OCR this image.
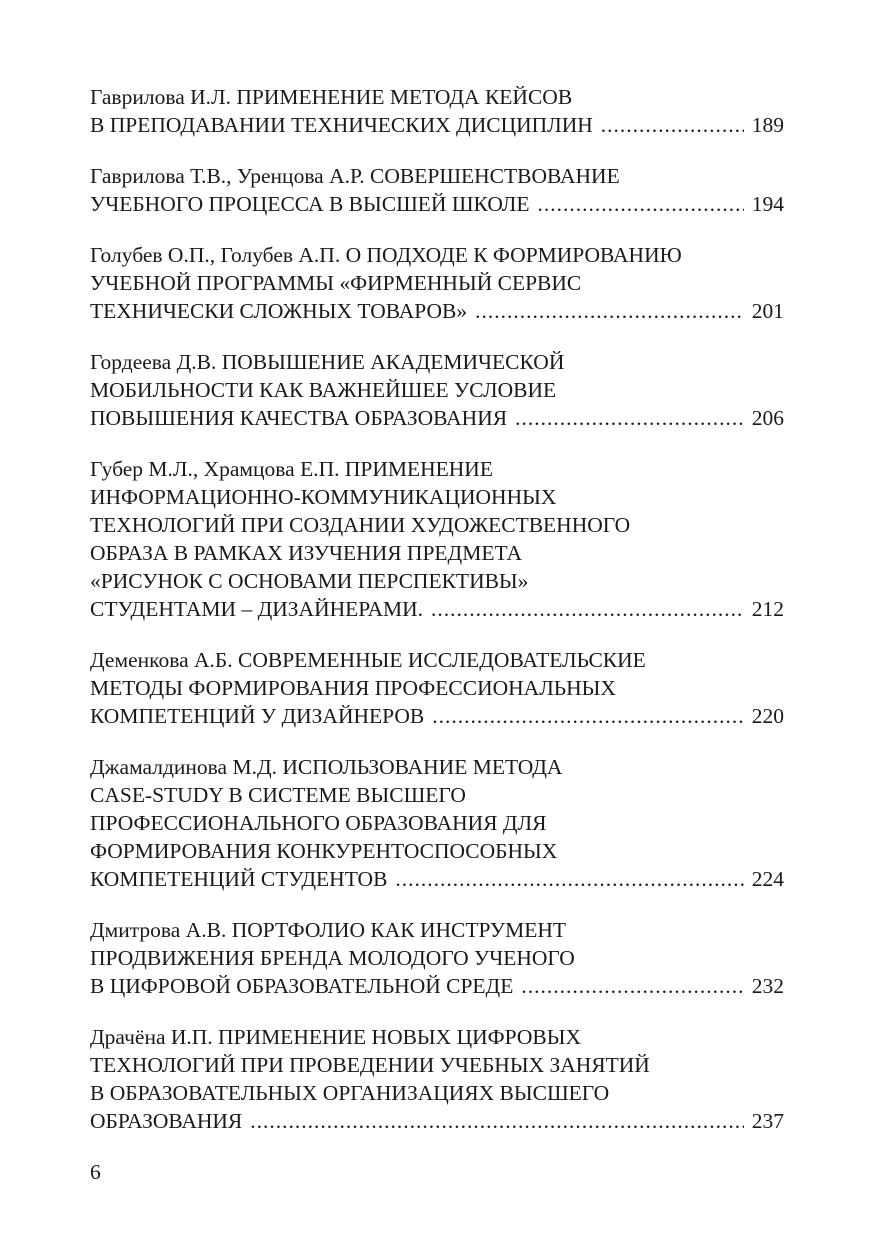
Гаврилова И.Л. ПРИМЕНЕНИЕ МЕТОДА КЕЙСОВ
В ПРЕПОДАВАНИИ ТЕХНИЧЕСКИХ ДИСЦИПЛИН .....	189
Гаврилова Т.В., Уренцова А.Р. СОВЕРШЕНСТВОВАНИЕ
УЧЕБНОГО ПРОЦЕССА В ВЫСШЕЙ ШКОЛЕ .....	194
Голубев О.П., Голубев А.П. О ПОДХОДЕ К ФОРМИРОВАНИЮ
УЧЕБНОЙ ПРОГРАММЫ «ФИРМЕННЫЙ СЕРВИС
ТЕХНИЧЕСКИ СЛОЖНЫХ ТОВАРОВ» .....	201
Гордеева Д.В. ПОВЫШЕНИЕ АКАДЕМИЧЕСКОЙ
МОБИЛЬНОСТИ КАК ВАЖНЕЙШЕЕ УСЛОВИЕ
ПОВЫШЕНИЯ КАЧЕСТВА ОБРАЗОВАНИЯ .....	206
Губер М.Л., Храмцова Е.П. ПРИМЕНЕНИЕ
ИНФОРМАЦИОННО-КОММУНИКАЦИОННЫХ
ТЕХНОЛОГИЙ ПРИ СОЗДАНИИ ХУДОЖЕСТВЕННОГО
ОБРАЗА В РАМКАХ ИЗУЧЕНИЯ ПРЕДМЕТА
«РИСУНОК С ОСНОВАМИ ПЕРСПЕКТИВЫ»
СТУДЕНТАМИ – ДИЗАЙНЕРАМИ. .....	212
Деменкова А.Б. СОВРЕМЕННЫЕ ИССЛЕДОВАТЕЛЬСКИЕ
МЕТОДЫ ФОРМИРОВАНИЯ ПРОФЕССИОНАЛЬНЫХ
КОМПЕТЕНЦИЙ У ДИЗАЙНЕРОВ .....	220
Джамалдинова М.Д. ИСПОЛЬЗОВАНИЕ МЕТОДА
CASE-STUDY В СИСТЕМЕ ВЫСШЕГО
ПРОФЕССИОНАЛЬНОГО ОБРАЗОВАНИЯ ДЛЯ
ФОРМИРОВАНИЯ КОНКУРЕНТОСПОСОБНЫХ
КОМПЕТЕНЦИЙ СТУДЕНТОВ .....	224
Дмитрова А.В. ПОРТФОЛИО КАК ИНСТРУМЕНТ
ПРОДВИЖЕНИЯ БРЕНДА МОЛОДОГО УЧЕНОГО
В ЦИФРОВОЙ ОБРАЗОВАТЕЛЬНОЙ СРЕДЕ .....	232
Драчёна И.П. ПРИМЕНЕНИЕ НОВЫХ ЦИФРОВЫХ
ТЕХНОЛОГИЙ ПРИ ПРОВЕДЕНИИ УЧЕБНЫХ ЗАНЯТИЙ
В ОБРАЗОВАТЕЛЬНЫХ ОРГАНИЗАЦИЯХ ВЫСШЕГО
ОБРАЗОВАНИЯ .....	237
6
